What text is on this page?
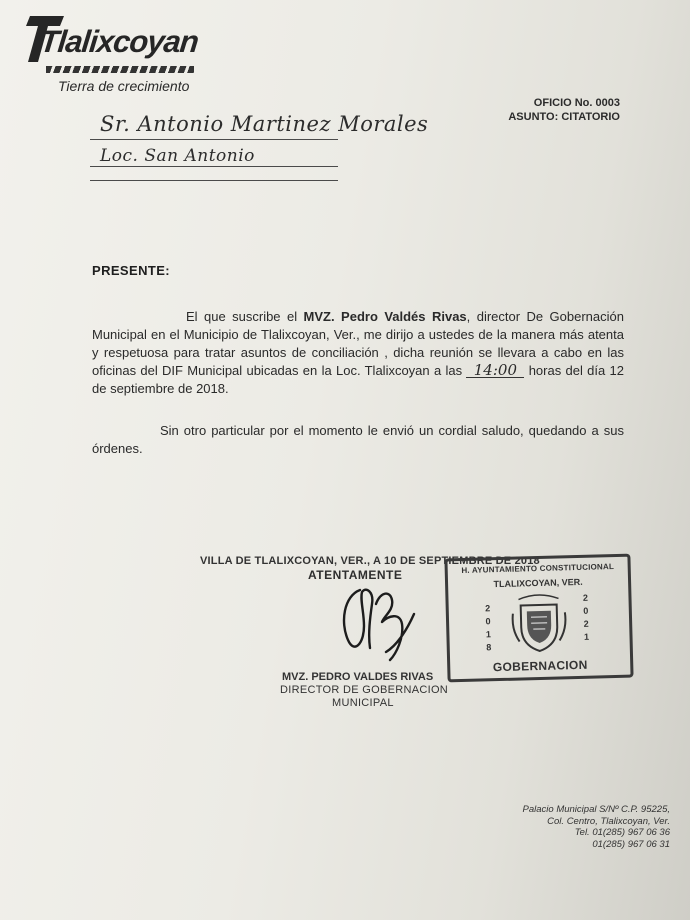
Tlalixcoyan
Tierra de crecimiento
OFICIO No. 0003
ASUNTO: CITATORIO
Sr. Antonio Martinez Morales
Loc. San Antonio
PRESENTE:
El que suscribe el MVZ. Pedro Valdés Rivas, director De Gobernación Municipal en el Municipio de Tlalixcoyan, Ver., me dirijo a ustedes de la manera más atenta y respetuosa para tratar asuntos de conciliación , dicha reunión se llevara a cabo en las oficinas del DIF Municipal ubicadas en la Loc. Tlalixcoyan a las 14:00 horas del día 12 de septiembre de 2018.
Sin otro particular por el momento le envió un cordial saludo, quedando a sus órdenes.
VILLA DE TLALIXCOYAN, VER., A 10 DE SEPTIEMBRE DE 2018
ATENTAMENTE
MVZ. PEDRO VALDES RIVAS
DIRECTOR DE GOBERNACION
MUNICIPAL
H. AYUNTAMIENTO CONSTITUCIONAL
TLALIXCOYAN, VER.
2
0
1
8
2
0
2
1
GOBERNACION
Palacio Municipal S/Nº C.P. 95225,
Col. Centro, Tlalixcoyan, Ver.
Tel. 01(285) 967 06 36
01(285) 967 06 31
